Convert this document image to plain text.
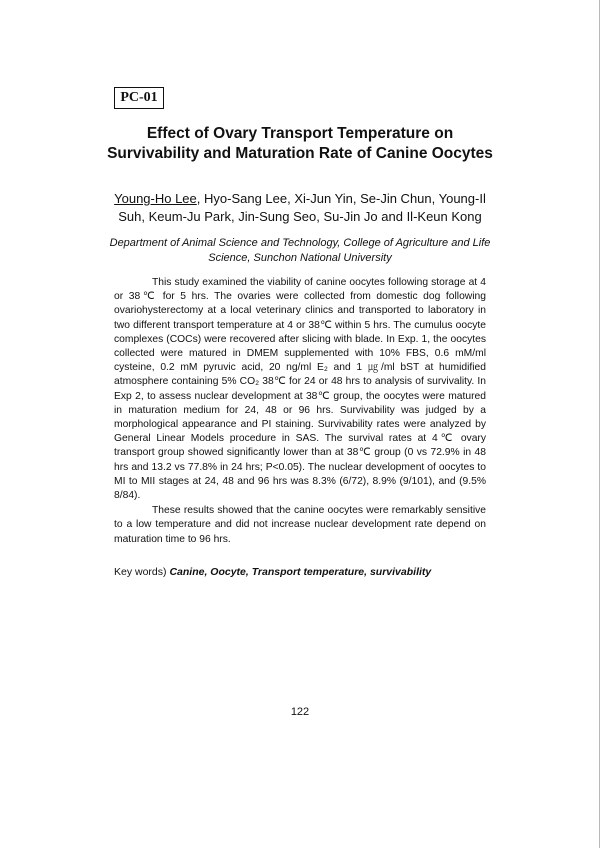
PC-01
Effect of Ovary Transport Temperature on Survivability and Maturation Rate of Canine Oocytes
Young-Ho Lee, Hyo-Sang Lee, Xi-Jun Yin, Se-Jin Chun, Young-Il Suh, Keum-Ju Park, Jin-Sung Seo, Su-Jin Jo and Il-Keun Kong
Department of Animal Science and Technology, College of Agriculture and Life Science, Sunchon National University

This study examined the viability of canine oocytes following storage at 4 or 38℃ for 5 hrs. The ovaries were collected from domestic dog following ovariohysterectomy at a local veterinary clinics and transported to laboratory in two different transport temperature at 4 or 38℃ within 5 hrs. The cumulus oocyte complexes (COCs) were recovered after slicing with blade. In Exp. 1, the oocytes collected were matured in DMEM supplemented with 10% FBS, 0.6 mM/ml cysteine, 0.2 mM pyruvic acid, 20 ng/ml E₂ and 1 ㎍/ml bST at humidified atmosphere containing 5% CO₂ 38℃ for 24 or 48 hrs to analysis of survivality. In Exp 2, to assess nuclear development at 38℃ group, the oocytes were matured in maturation medium for 24, 48 or 96 hrs. Survivability was judged by a morphological appearance and PI staining. Survivability rates were analyzed by General Linear Models procedure in SAS. The survival rates at 4℃ ovary transport group showed significantly lower than at 38℃ group (0 vs 72.9% in 48 hrs and 13.2 vs 77.8% in 24 hrs; P<0.05). The nuclear development of oocytes to MI to MII stages at 24, 48 and 96 hrs was 8.3% (6/72), 8.9% (9/101), and (9.5% 8/84).

These results showed that the canine oocytes were remarkably sensitive to a low temperature and did not increase nuclear development rate depend on maturation time to 96 hrs.

Key words) Canine, Oocyte, Transport temperature, survivability
122
